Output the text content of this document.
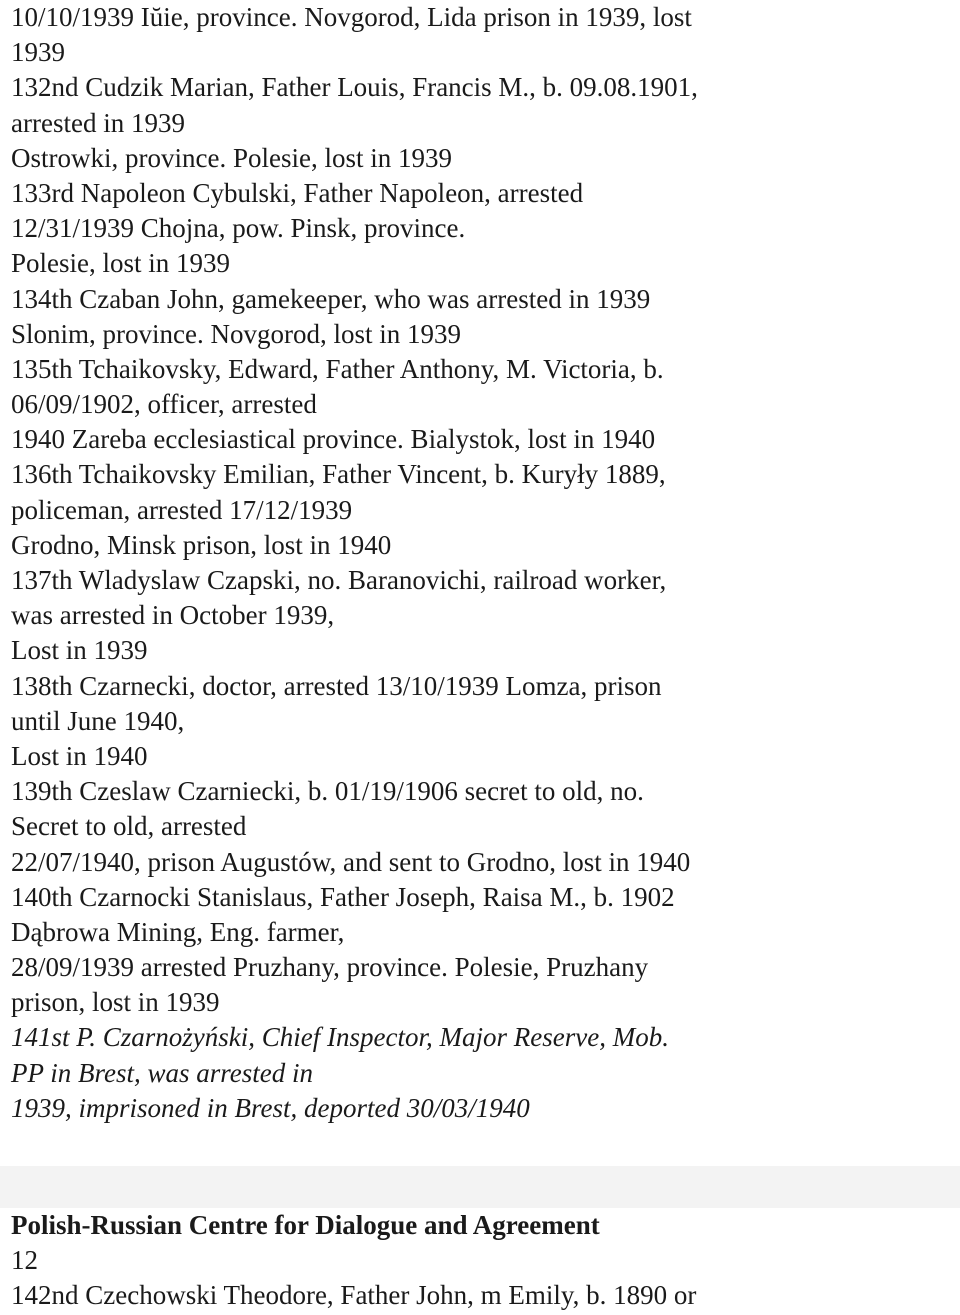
10/10/1939 Iŭie, province. Novgorod, Lida prison in 1939, lost
1939
132nd Cudzik Marian, Father Louis, Francis M., b. 09.08.1901,
arrested in 1939
Ostrowki, province. Polesie, lost in 1939
133rd Napoleon Cybulski, Father Napoleon, arrested
12/31/1939 Chojna, pow. Pinsk, province.
Polesie, lost in 1939
134th Czaban John, gamekeeper, who was arrested in 1939
Slonim, province. Novgorod, lost in 1939
135th Tchaikovsky, Edward, Father Anthony, M. Victoria, b.
06/09/1902, officer, arrested
1940 Zareba ecclesiastical province. Bialystok, lost in 1940
136th Tchaikovsky Emilian, Father Vincent, b. Kuryły 1889,
policeman, arrested 17/12/1939
Grodno, Minsk prison, lost in 1940
137th Wladyslaw Czapski, no. Baranovichi, railroad worker,
was arrested in October 1939,
Lost in 1939
138th Czarnecki, doctor, arrested 13/10/1939 Lomza, prison
until June 1940,
Lost in 1940
139th Czeslaw Czarniecki, b. 01/19/1906 secret to old, no.
Secret to old, arrested
22/07/1940, prison Augustów, and sent to Grodno, lost in 1940
140th Czarnocki Stanislaus, Father Joseph, Raisa M., b. 1902
Dąbrowa Mining, Eng. farmer,
28/09/1939 arrested Pruzhany, province. Polesie, Pruzhany
prison, lost in 1939
141st P. Czarnożyński, Chief Inspector, Major Reserve, Mob.
PP in Brest, was arrested in
1939, imprisoned in Brest, deported 30/03/1940
Polish-Russian Centre for Dialogue and Agreement
12
142nd Czechowski Theodore, Father John, m Emily, b. 1890 or
